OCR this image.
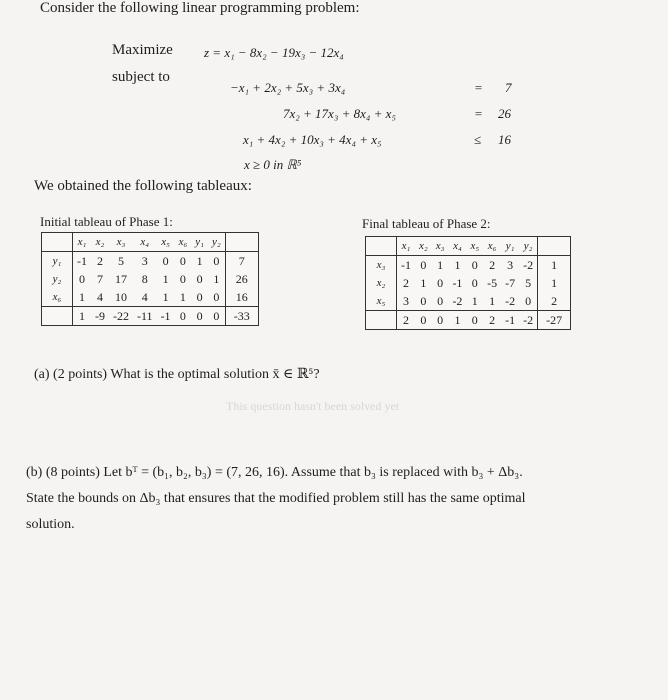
Consider the following linear programming problem:
Maximize z = x₁ − 8x₂ − 19x₃ − 12x₄
subject to
−x₁ + 2x₂ + 5x₃ + 3x₄	= 7
7x₂ + 17x₃ + 8x₄ + x₅	= 26
x₁ + 4x₂ + 10x₃ + 4x₄ + x₅	≤ 16
x ≥ 0 in ℝ⁵
We obtained the following tableaux:
Initial tableau of Phase 1:	Final tableau of Phase 2:
	x₁	x₂	x₃	x₄	x₅	x₆	y₁	y₂	
y₁	-1	2	5	3	0	0	1	0	7
y₂	0	7	17	8	1	0	0	1	26
x₆	1	4	10	4	1	1	0	0	16
	1	-9	-22	-11	-1	0	0	0	-33
	x₁	x₂	x₃	x₄	x₅	x₆	y₁	y₂	
x₃	-1	0	1	1	0	2	3	-2	1
x₂	2	1	0	-1	0	-5	-7	5	1
x₅	3	0	0	-2	1	1	-2	0	2
	2	0	0	1	0	2	-1	-2	-27
(a) (2 points) What is the optimal solution x̄ ∈ ℝ⁵?
This question hasn't been solved yet
(b) (8 points) Let bᵀ = (b₁, b₂, b₃) = (7, 26, 16). Assume that b₃ is replaced with b₃ + Δb₃.
State the bounds on Δb₃ that ensures that the modified problem still has the same optimal
solution.
